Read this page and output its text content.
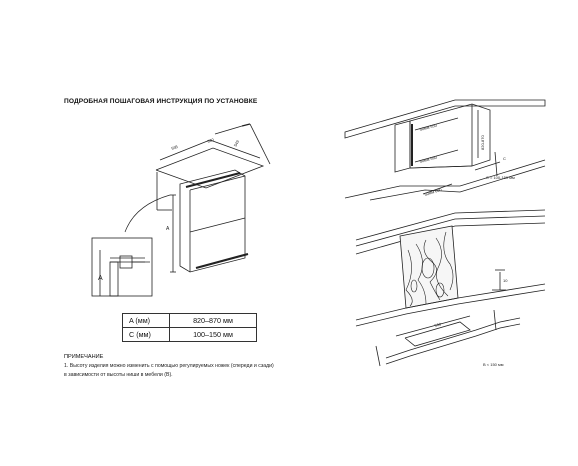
ПОДРОБНАЯ ПОШАГОВАЯ ИНСТРУКЦИЯ ПО УСТАНОВКЕ
595
560	549
A
A
50мм 550
50мм 560
820-870
C
50мм 600
C = 100-150 мм
10
560
B < 150 мм
A (мм)	820–870 мм
C (мм)	100–150 мм
ПРИМЕЧАНИЕ
1. Высоту изделия можно изменить с помощью регулируемых ножек (спереди и сзади)
в зависимости от высоты ниши в мебели (B).
